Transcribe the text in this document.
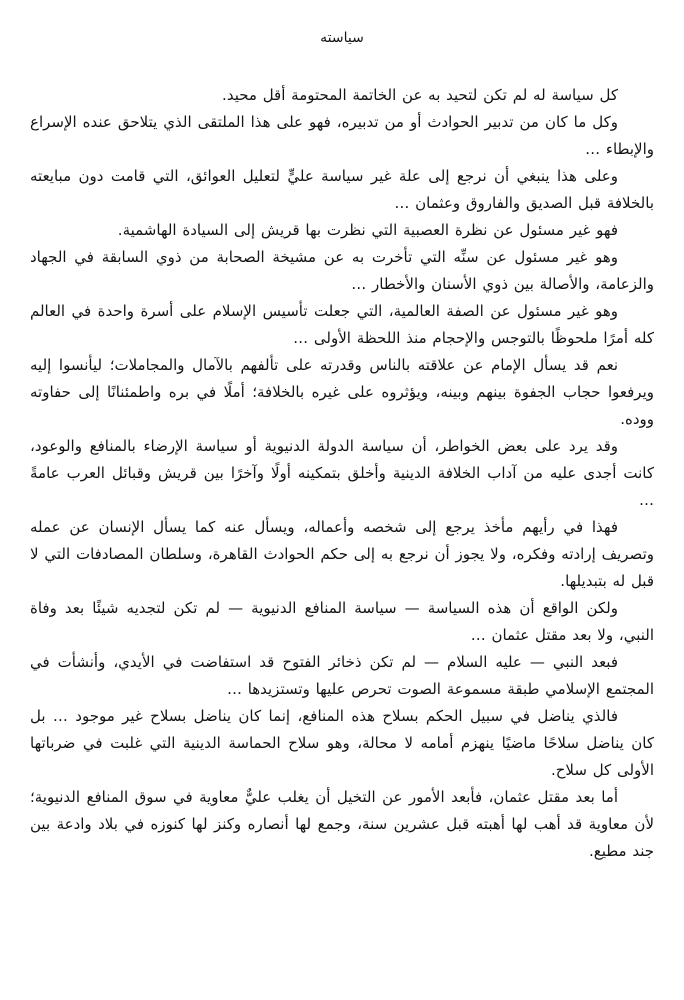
سياسته

كل سياسة له لم تكن لتحيد به عن الخاتمة المحتومة أقل محيد.

وكل ما كان من تدبير الحوادث أو من تدبيره، فهو على هذا الملتقى الذي يتلاحق عنده الإسراع والإبطاء …

وعلى هذا ينبغي أن نرجع إلى علة غير سياسة عليٍّ لتعليل العوائق، التي قامت دون مبايعته بالخلافة قبل الصديق والفاروق وعثمان …

فهو غير مسئول عن نظرة العصبية التي نظرت بها قريش إلى السيادة الهاشمية.

وهو غير مسئول عن سنِّه التي تأخرت به عن مشيخة الصحابة من ذوي السابقة في الجهاد والزعامة، والأصالة بين ذوي الأسنان والأخطار …

وهو غير مسئول عن الصفة العالمية، التي جعلت تأسيس الإسلام على أسرة واحدة في العالم كله أمرًا ملحوظًا بالتوجس والإحجام منذ اللحظة الأولى …

نعم قد يسأل الإمام عن علاقته بالناس وقدرته على تألفهم بالآمال والمجاملات؛ ليأنسوا إليه ويرفعوا حجاب الجفوة بينهم وبينه، ويؤثروه على غيره بالخلافة؛ أملًا في بره واطمئنانًا إلى حفاوته ووده.

وقد يرد على بعض الخواطر، أن سياسة الدولة الدنيوية أو سياسة الإرضاء بالمنافع والوعود، كانت أجدى عليه من آداب الخلافة الدينية وأخلق بتمكينه أولًا وآخرًا بين قريش وقبائل العرب عامةً …

فهذا في رأيهم مأخذ يرجع إلى شخصه وأعماله، ويسأل عنه كما يسأل الإنسان عن عمله وتصريف إرادته وفكره، ولا يجوز أن نرجع به إلى حكم الحوادث القاهرة، وسلطان المصادفات التي لا قبل له بتبديلها.

ولكن الواقع أن هذه السياسة — سياسة المنافع الدنيوية — لم تكن لتجديه شيئًا بعد وفاة النبي، ولا بعد مقتل عثمان …

فبعد النبي — عليه السلام — لم تكن ذخائر الفتوح قد استفاضت في الأيدي، وأنشأت في المجتمع الإسلامي طبقة مسموعة الصوت تحرص عليها وتستزيدها …

فالذي يناضل في سبيل الحكم بسلاح هذه المنافع، إنما كان يناضل بسلاح غير موجود … بل كان يناضل سلاحًا ماضيًا ينهزم أمامه لا محالة، وهو سلاح الحماسة الدينية التي غلبت في ضرباتها الأولى كل سلاح.

أما بعد مقتل عثمان، فأبعد الأمور عن التخيل أن يغلب عليٌّ معاوية في سوق المنافع الدنيوية؛ لأن معاوية قد أهب لها أهبته قبل عشرين سنة، وجمع لها أنصاره وكنز لها كنوزه في بلاد وادعة بين جند مطيع.
